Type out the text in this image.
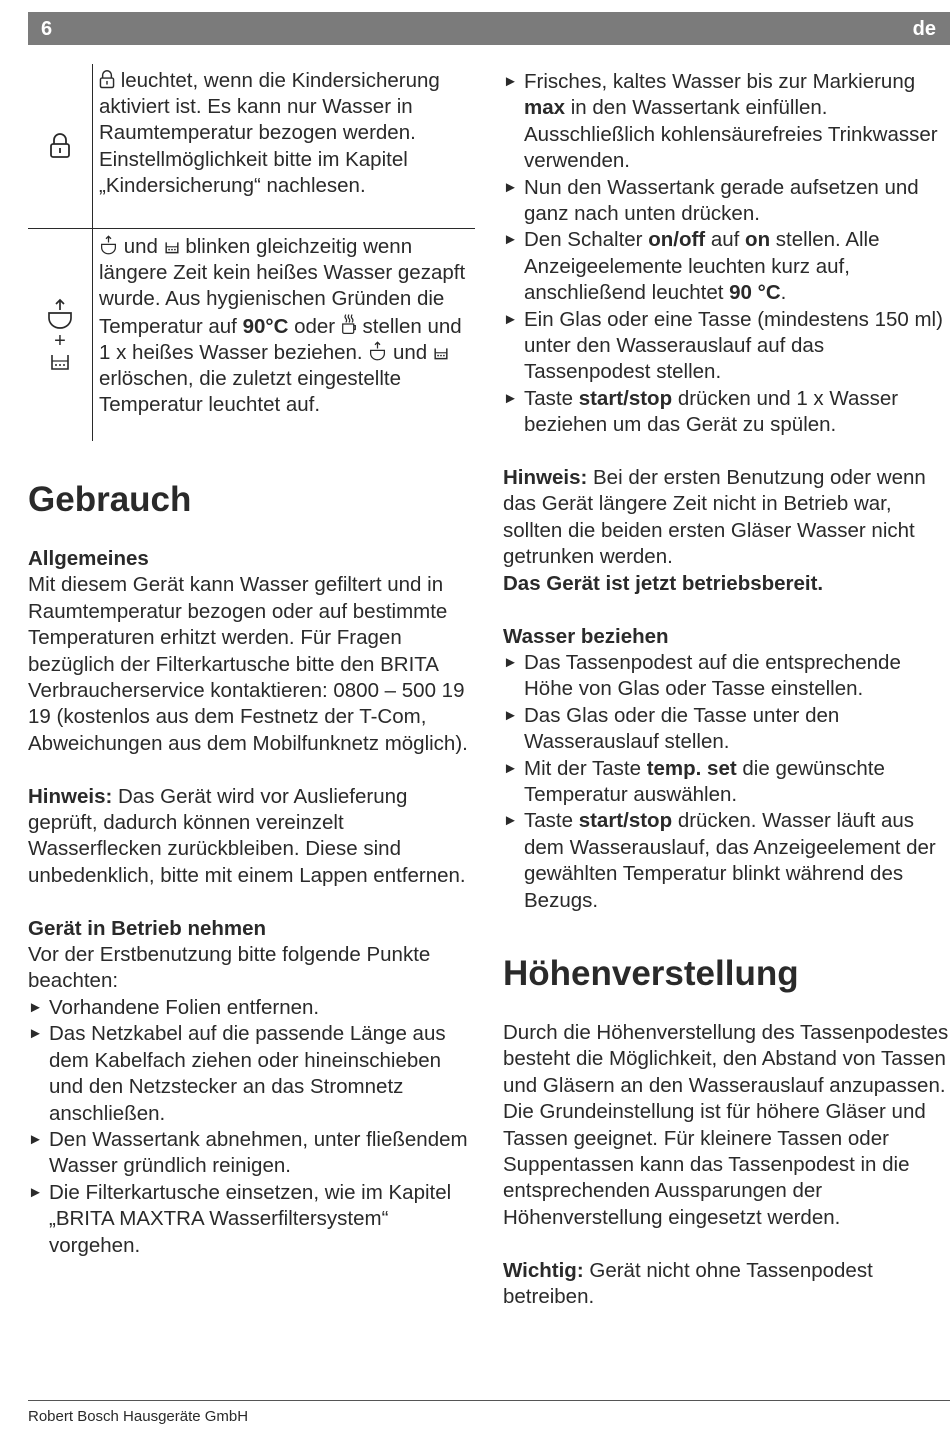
6	de
leuchtet, wenn die Kindersicherung aktiviert ist. Es kann nur Wasser in Raumtemperatur bezogen werden. Einstellmöglichkeit bitte im Kapitel „Kindersicherung“ nachlesen.
+
und blinken gleichzeitig wenn längere Zeit kein heißes Wasser gezapft wurde. Aus hygienischen Gründen die Temperatur auf 90°C oder stellen und 1 x heißes Wasser beziehen. und  erlöschen, die zuletzt eingestellte Temperatur leuchtet auf.
Gebrauch

Allgemeines

Mit diesem Gerät kann Wasser gefiltert und in Raumtemperatur bezogen oder auf bestimmte Temperaturen erhitzt werden. Für Fragen bezüglich der Filterkartusche bitte den BRITA Verbraucherservice kontaktieren: 0800 – 500 19 19 (kostenlos aus dem Festnetz der T-Com, Abweichungen aus dem Mobilfunknetz möglich).

Hinweis: Das Gerät wird vor Auslieferung geprüft, dadurch können vereinzelt Wasserflecken zurückbleiben. Diese sind unbedenklich, bitte mit einem Lappen entfernen.

Gerät in Betrieb nehmen

Vor der Erstbenutzung bitte folgende Punkte beachten:

► Vorhandene Folien entfernen.

► Das Netzkabel auf die passende Länge aus dem Kabelfach ziehen oder hineinschieben und den Netzstecker an das Stromnetz anschließen.

► Den Wassertank abnehmen, unter fließendem Wasser gründlich reinigen.

► Die Filterkartusche einsetzen, wie im Kapitel „BRITA MAXTRA Wasserfiltersystem“ vorgehen.

► Frisches, kaltes Wasser bis zur Markierung max in den Wassertank einfüllen. Ausschließlich kohlensäurefreies Trinkwasser verwenden.

► Nun den Wassertank gerade aufsetzen und ganz nach unten drücken.

► Den Schalter on/off auf on stellen. Alle Anzeigeelemente leuchten kurz auf, anschließend leuchtet 90 °C.

► Ein Glas oder eine Tasse (mindestens 150 ml) unter den Wasserauslauf auf das Tassenpodest stellen.

► Taste start/stop drücken und 1 x Wasser beziehen um das Gerät zu spülen.

Hinweis: Bei der ersten Benutzung oder wenn das Gerät längere Zeit nicht in Betrieb war, sollten die beiden ersten Gläser Wasser nicht getrunken werden.

Das Gerät ist jetzt betriebsbereit.

Wasser beziehen

► Das Tassenpodest auf die entsprechende Höhe von Glas oder Tasse einstellen.

► Das Glas oder die Tasse unter den Wasserauslauf stellen.

► Mit der Taste temp. set die gewünschte Temperatur auswählen.

► Taste start/stop drücken. Wasser läuft aus dem Wasserauslauf, das Anzeigeelement der gewählten Temperatur blinkt während des Bezugs.

Höhenverstellung

Durch die Höhenverstellung des Tassenpodestes besteht die Möglichkeit, den Abstand von Tassen und Gläsern an den Wasserauslauf anzupassen. Die Grundeinstellung ist für höhere Gläser und Tassen geeignet. Für kleinere Tassen oder Suppentassen kann das Tassenpodest in die entsprechenden Aussparungen der Höhenverstellung eingesetzt werden.

Wichtig: Gerät nicht ohne Tassenpodest betreiben.

Robert Bosch Hausgeräte GmbH
